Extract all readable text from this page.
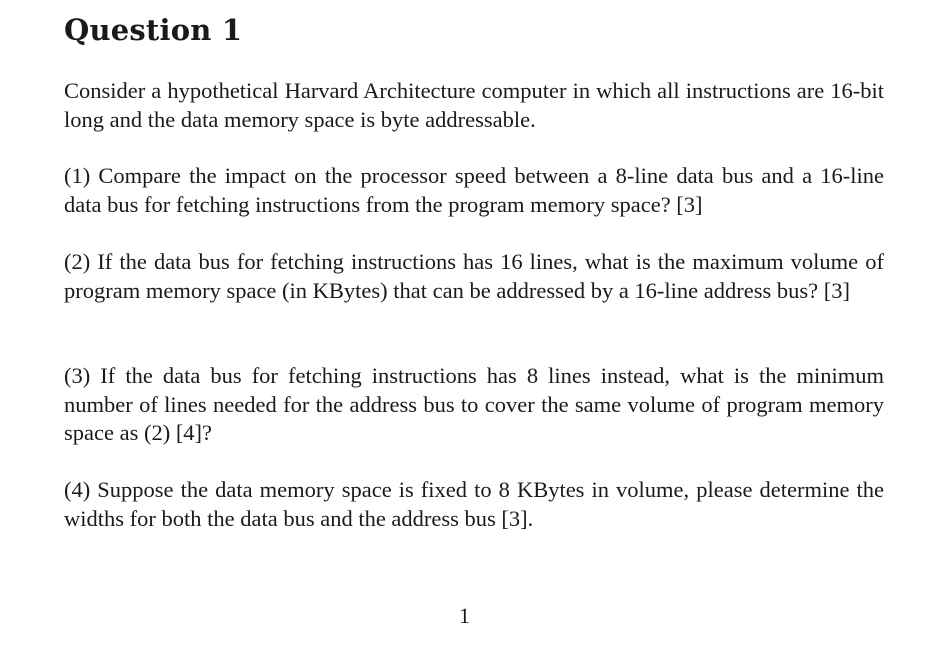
Question 1

Consider a hypothetical Harvard Architecture computer in which all instructions are 16-bit long and the data memory space is byte addressable.

(1) Compare the impact on the processor speed between a 8-line data bus and a 16-line data bus for fetching instructions from the program memory space? [3]

(2) If the data bus for fetching instructions has 16 lines, what is the maximum volume of program memory space (in KBytes) that can be addressed by a 16-line address bus? [3]

(3) If the data bus for fetching instructions has 8 lines instead, what is the minimum number of lines needed for the address bus to cover the same volume of program memory space as (2) [4]?

(4) Suppose the data memory space is fixed to 8 KBytes in volume, please determine the widths for both the data bus and the address bus [3].

1
